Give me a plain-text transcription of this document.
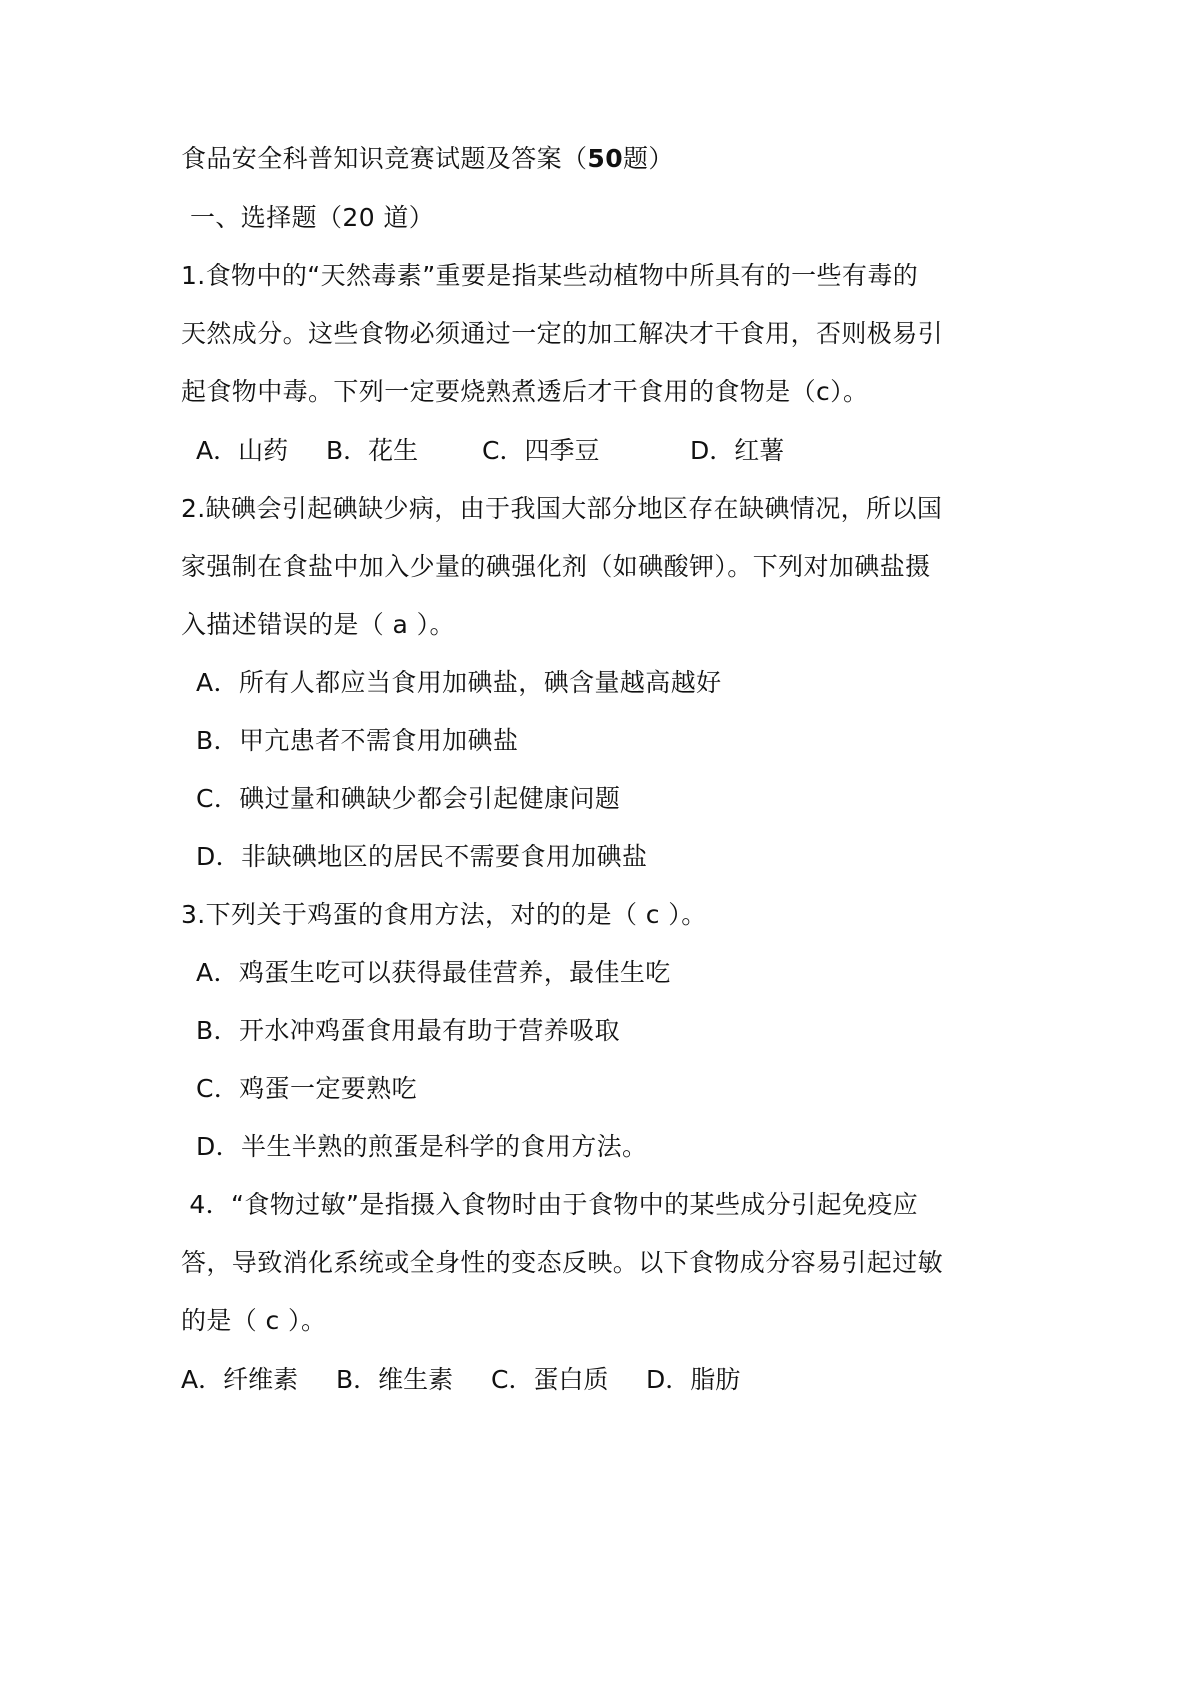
食品安全科普知识竞赛试题及答案（50题）
一、选择题（20 道）
1.食物中的“天然毒素”重要是指某些动植物中所具有的一些有毒的
天然成分。这些食物必须通过一定的加工解决才干食用，否则极易引
起食物中毒。下列一定要烧熟煮透后才干食用的食物是（c）。
A．山药 B．花生	C．四季豆	D．红薯
2.缺碘会引起碘缺少病，由于我国大部分地区存在缺碘情况，所以国
家强制在食盐中加入少量的碘强化剂（如碘酸钾）。下列对加碘盐摄
入描述错误的是（ a ）。
A．所有人都应当食用加碘盐，碘含量越高越好
B．甲亢患者不需食用加碘盐
C．碘过量和碘缺少都会引起健康问题
D．非缺碘地区的居民不需要食用加碘盐
3.下列关于鸡蛋的食用方法，对的的是（ c ）。
A．鸡蛋生吃可以获得最佳营养，最佳生吃
B．开水冲鸡蛋食用最有助于营养吸取
C．鸡蛋一定要熟吃
D．半生半熟的煎蛋是科学的食用方法。
4．“食物过敏”是指摄入食物时由于食物中的某些成分引起免疫应
答，导致消化系统或全身性的变态反映。以下食物成分容易引起过敏
的是（ c ）。
A．纤维素 B．维生素 C．蛋白质 D．脂肪
